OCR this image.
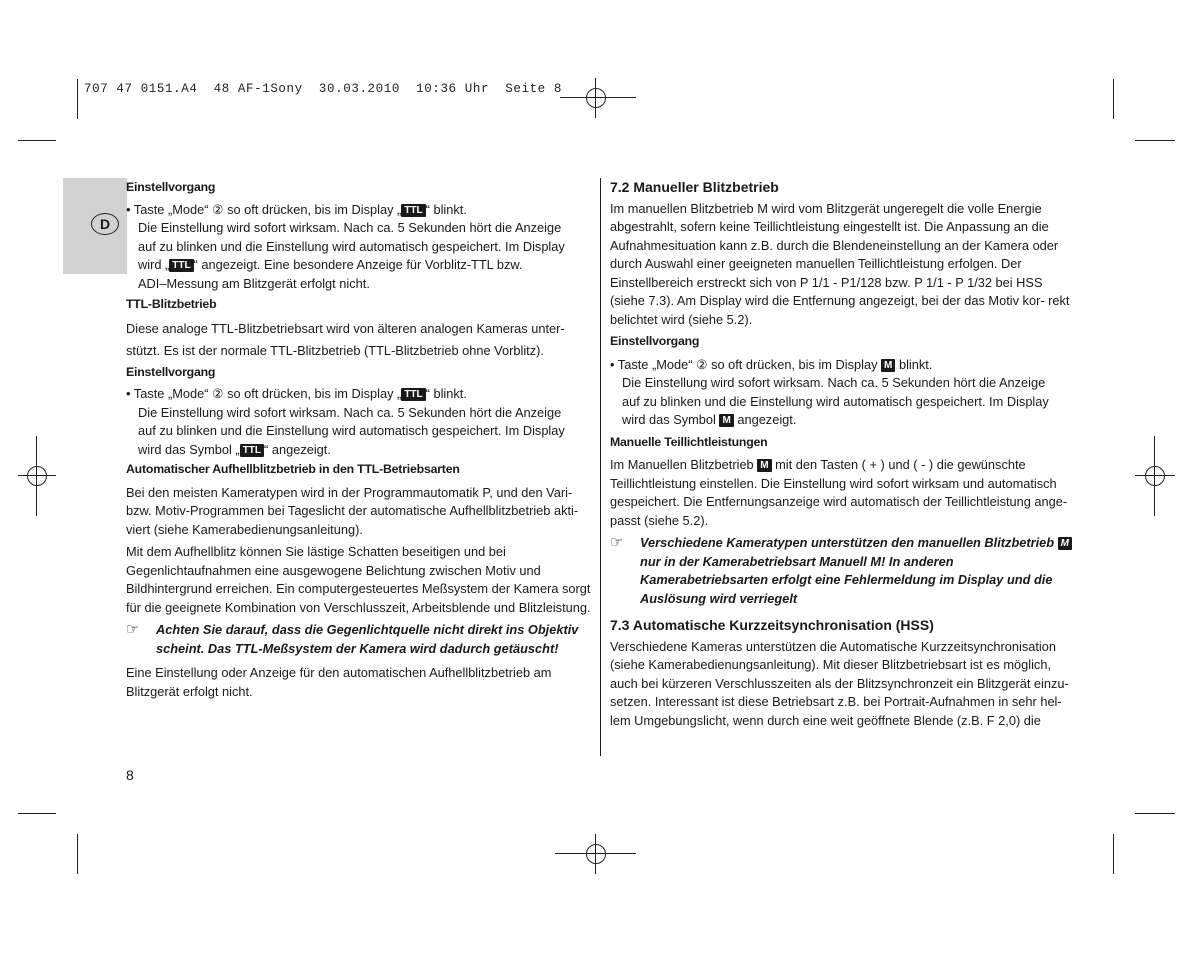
707 47 0151.A4  48 AF-1Sony  30.03.2010  10:36 Uhr  Seite 8
D

Einstellvorgang

• Taste „Mode“ ② so oft drücken, bis im Display „ TTL “ blinkt.

Die Einstellung wird sofort wirksam. Nach ca. 5 Sekunden hört die Anzeige

auf zu blinken und die Einstellung wird automatisch gespeichert. Im Display

wird „ TTL “ angezeigt. Eine besondere Anzeige für Vorblitz-TTL bzw.

ADI–Messung am Blitzgerät erfolgt nicht.

TTL-Blitzbetrieb

Diese analoge TTL-Blitzbetriebsart wird von älteren analogen Kameras unter-

stützt. Es ist der normale TTL-Blitzbetrieb (TTL-Blitzbetrieb ohne Vorblitz).

Einstellvorgang

• Taste „Mode“ ② so oft drücken, bis im Display „ TTL “ blinkt.

Die Einstellung wird sofort wirksam. Nach ca. 5 Sekunden hört die Anzeige

auf zu blinken und die Einstellung wird automatisch gespeichert. Im Display

wird das Symbol „ TTL “ angezeigt.

Automatischer Aufhellblitzbetrieb in den TTL-Betriebsarten

Bei den meisten Kameratypen wird in der Programmautomatik P, und den Vari- bzw. Motiv-Programmen bei Tageslicht der automatische Aufhellblitzbetrieb akti- viert (siehe Kamerabedienungsanleitung).

Mit dem Aufhellblitz können Sie lästige Schatten beseitigen und bei Gegenlichtaufnahmen eine ausgewogene Belichtung zwischen Motiv und Bildhintergrund erreichen. Ein computergesteuertes Meßsystem der Kamera sorgt für die geeignete Kombination von Verschlusszeit, Arbeitsblende und Blitzleistung.

☞ Achten Sie darauf, dass die Gegenlichtquelle nicht direkt ins Objektiv scheint. Das TTL-Meßsystem der Kamera wird dadurch getäuscht!

Eine Einstellung oder Anzeige für den automatischen Aufhellblitzbetrieb am Blitzgerät erfolgt nicht.

7.2 Manueller Blitzbetrieb

Im manuellen Blitzbetrieb M wird vom Blitzgerät ungeregelt die volle Energie abgestrahlt, sofern keine Teillichtleistung eingestellt ist. Die Anpassung an die Aufnahmesituation kann z.B. durch die Blendeneinstellung an der Kamera oder durch Auswahl einer geeigneten manuellen Teillichtleistung erfolgen. Der Einstellbereich erstreckt sich von P 1/1 - P1/128 bzw. P 1/1 - P 1/32 bei HSS (siehe 7.3). Am Display wird die Entfernung angezeigt, bei der das Motiv kor- rekt belichtet wird (siehe 5.2).

Einstellvorgang

• Taste „Mode“ ② so oft drücken, bis im Display M blinkt.

Die Einstellung wird sofort wirksam. Nach ca. 5 Sekunden hört die Anzeige

auf zu blinken und die Einstellung wird automatisch gespeichert. Im Display

wird das Symbol M angezeigt.

Manuelle Teillichtleistungen

Im Manuellen Blitzbetrieb M mit den Tasten ( + ) und ( - ) die gewünschte Teillichtleistung einstellen. Die Einstellung wird sofort wirksam und automatisch gespeichert. Die Entfernungsanzeige wird automatisch der Teillichtleistung ange- passt (siehe 5.2).

☞ Verschiedene Kameratypen unterstützen den manuellen Blitzbetrieb M nur in der Kamerabetriebsart Manuell M! In anderen Kamerabetriebsarten erfolgt eine Fehlermeldung im Display und die Auslösung wird verriegelt

7.3 Automatische Kurzzeitsynchronisation (HSS)

Verschiedene Kameras unterstützen die Automatische Kurzzeitsynchronisation (siehe Kamerabedienungsanleitung). Mit dieser Blitzbetriebsart ist es möglich, auch bei kürzeren Verschlusszeiten als der Blitzsynchronzeit ein Blitzgerät einzu- setzen. Interessant ist diese Betriebsart z.B. bei Portrait-Aufnahmen in sehr hel- lem Umgebungslicht, wenn durch eine weit geöffnete Blende (z.B. F 2,0) die

8
